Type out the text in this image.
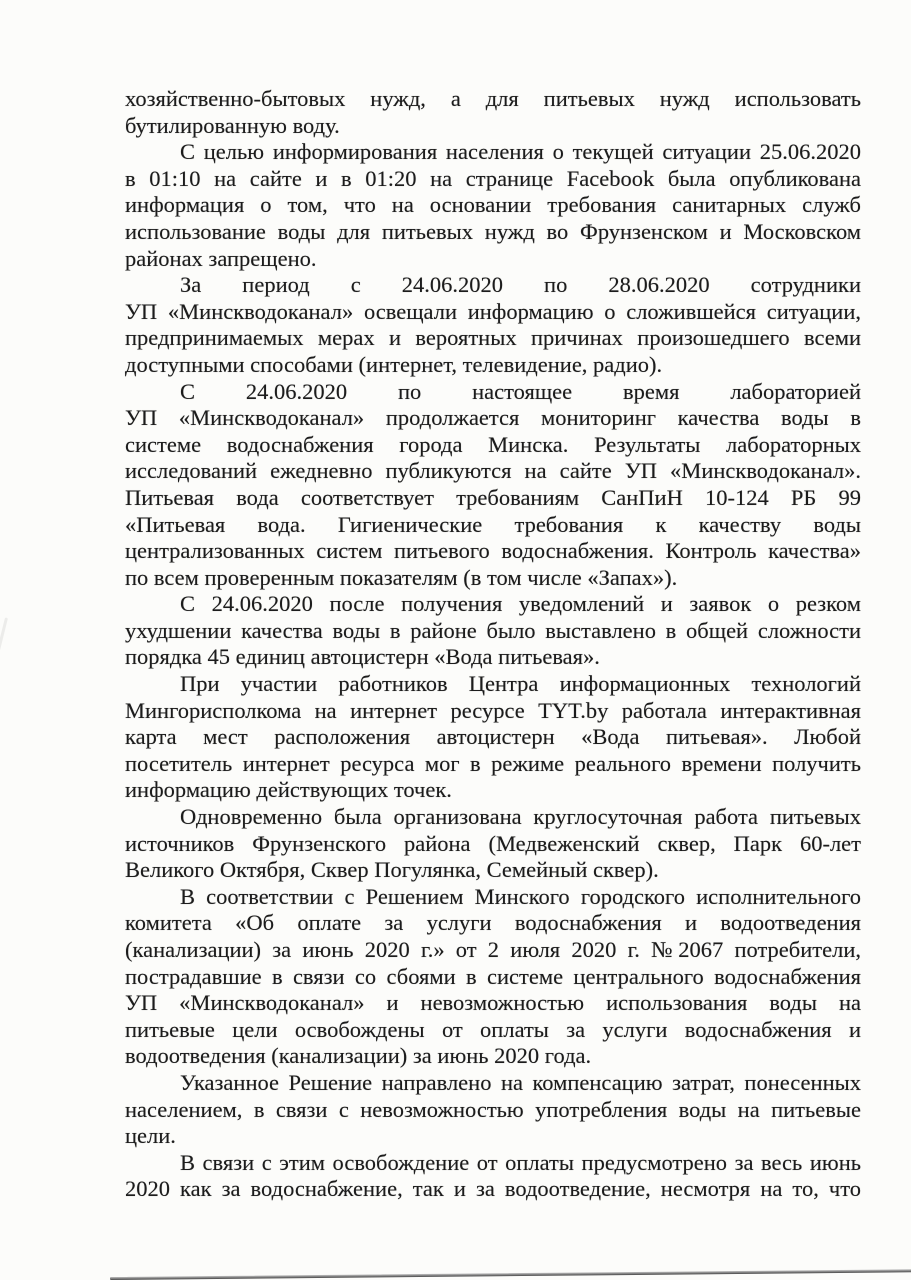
хозяйственно-бытовых нужд, а для питьевых нужд использовать
бутилированную воду.
С целью информирования населения о текущей ситуации 25.06.2020
в 01:10 на сайте и в 01:20 на странице Facebook была опубликована
информация о том, что на основании требования санитарных служб
использование воды для питьевых нужд во Фрунзенском и Московском
районах запрещено.
За период с 24.06.2020 по 28.06.2020 сотрудники
УП «Минскводоканал» освещали информацию о сложившейся ситуации,
предпринимаемых мерах и вероятных причинах произошедшего всеми
доступными способами (интернет, телевидение, радио).
С 24.06.2020 по настоящее время лабораторией
УП «Минскводоканал» продолжается мониторинг качества воды в
системе водоснабжения города Минска. Результаты лабораторных
исследований ежедневно публикуются на сайте УП «Минскводоканал».
Питьевая вода соответствует требованиям СанПиН 10-124 РБ 99
«Питьевая вода. Гигиенические требования к качеству воды
централизованных систем питьевого водоснабжения. Контроль качества»
по всем проверенным показателям (в том числе «Запах»).
С 24.06.2020 после получения уведомлений и заявок о резком
ухудшении качества воды в районе было выставлено в общей сложности
порядка 45 единиц автоцистерн «Вода питьевая».
При участии работников Центра информационных технологий
Мингорисполкома на интернет ресурсе TYT.by работала интерактивная
карта мест расположения автоцистерн «Вода питьевая». Любой
посетитель интернет ресурса мог в режиме реального времени получить
информацию действующих точек.
Одновременно была организована круглосуточная работа питьевых
источников Фрунзенского района (Медвеженский сквер, Парк 60-лет
Великого Октября, Сквер Погулянка, Семейный сквер).
В соответствии с Решением Минского городского исполнительного
комитета «Об оплате за услуги водоснабжения и водоотведения
(канализации) за июнь 2020 г.» от 2 июля 2020 г. №2067 потребители,
пострадавшие в связи со сбоями в системе центрального водоснабжения
УП «Минскводоканал» и невозможностью использования воды на
питьевые цели освобождены от оплаты за услуги водоснабжения и
водоотведения (канализации) за июнь 2020 года.
Указанное Решение направлено на компенсацию затрат, понесенных
населением, в связи с невозможностью употребления воды на питьевые
цели.
В связи с этим освобождение от оплаты предусмотрено за весь июнь
2020 как за водоснабжение, так и за водоотведение, несмотря на то, что
